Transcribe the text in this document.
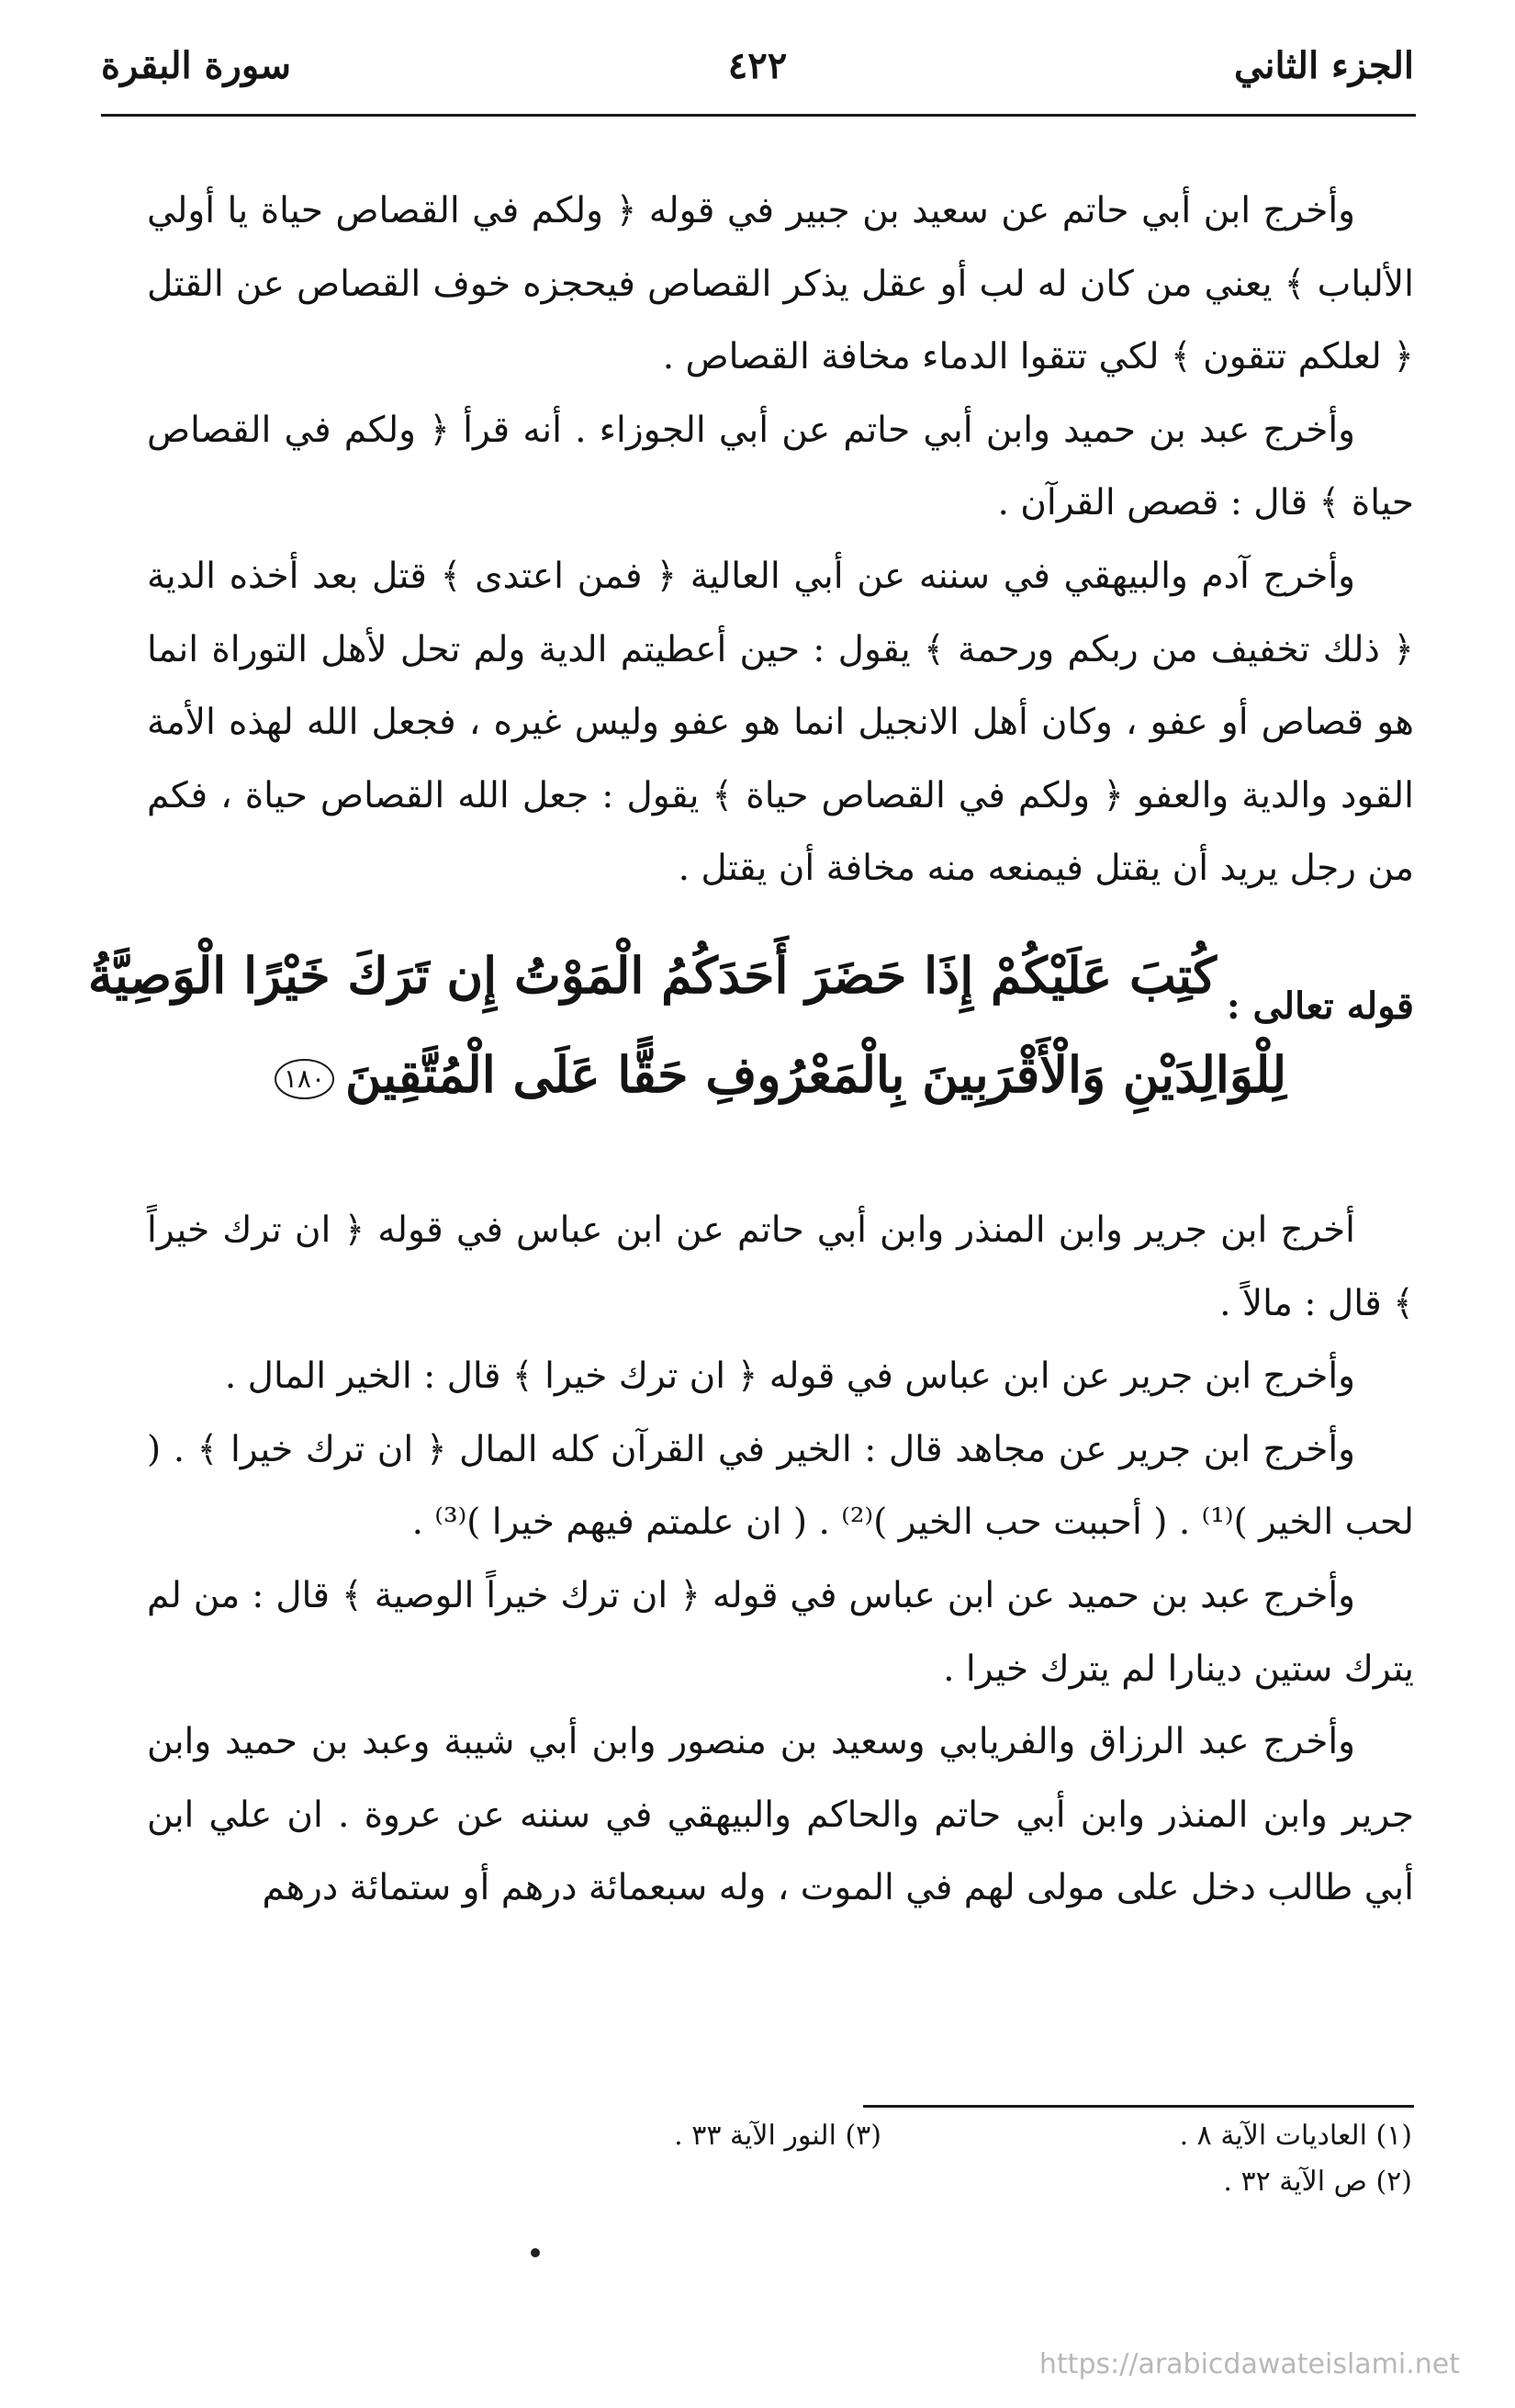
الجزء الثاني
٤٢٢
سورة البقرة

وأخرج ابن أبي حاتم عن سعيد بن جبير في قوله ﴿ ولكم في القصاص حياة يا أولي الألباب ﴾ يعني من كان له لب أو عقل يذكر القصاص فيحجزه خوف القصاص عن القتل ﴿ لعلكم تتقون ﴾ لكي تتقوا الدماء مخافة القصاص .

وأخرج عبد بن حميد وابن أبي حاتم عن أبي الجوزاء . أنه قرأ ﴿ ولكم في القصاص حياة ﴾ قال : قصص القرآن .

وأخرج آدم والبيهقي في سننه عن أبي العالية ﴿ فمن اعتدى ﴾ قتل بعد أخذه الدية ﴿ ذلك تخفيف من ربكم ورحمة ﴾ يقول : حين أعطيتم الدية ولم تحل لأهل التوراة انما هو قصاص أو عفو ، وكان أهل الانجيل انما هو عفو وليس غيره ، فجعل الله لهذه الأمة القود والدية والعفو ﴿ ولكم في القصاص حياة ﴾ يقول : جعل الله القصاص حياة ، فكم من رجل يريد أن يقتل فيمنعه منه مخافة أن يقتل .

قوله تعالى :
كُتِبَ عَلَيْكُمْ إِذَا حَضَرَ أَحَدَكُمُ الْمَوْتُ إِن تَرَكَ خَيْرًا الْوَصِيَّةُ
لِلْوَالِدَيْنِ وَالْأَقْرَبِينَ بِالْمَعْرُوفِ حَقًّا عَلَى الْمُتَّقِينَ١٨٠

أخرج ابن جرير وابن المنذر وابن أبي حاتم عن ابن عباس في قوله ﴿ ان ترك خيراً ﴾ قال : مالاً .

وأخرج ابن جرير عن ابن عباس في قوله ﴿ ان ترك خيرا ﴾ قال : الخير المال .

وأخرج ابن جرير عن مجاهد قال : الخير في القرآن كله المال ﴿ ان ترك خيرا ﴾ . ( لحب الخير )⁽¹⁾ . ( أحببت حب الخير )⁽²⁾ . ( ان علمتم فيهم خيرا )⁽³⁾ .

وأخرج عبد بن حميد عن ابن عباس في قوله ﴿ ان ترك خيراً الوصية ﴾ قال : من لم يترك ستين دينارا لم يترك خيرا .

وأخرج عبد الرزاق والفريابي وسعيد بن منصور وابن أبي شيبة وعبد بن حميد وابن جرير وابن المنذر وابن أبي حاتم والحاكم والبيهقي في سننه عن عروة . ان علي ابن أبي طالب دخل على مولى لهم في الموت ، وله سبعمائة درهم أو ستمائة درهم

(١) العاديات الآية ٨ .
(٢) ص الآية ٣٢ .
(٣) النور الآية ٣٣ .
https://arabicdawateislami.net
